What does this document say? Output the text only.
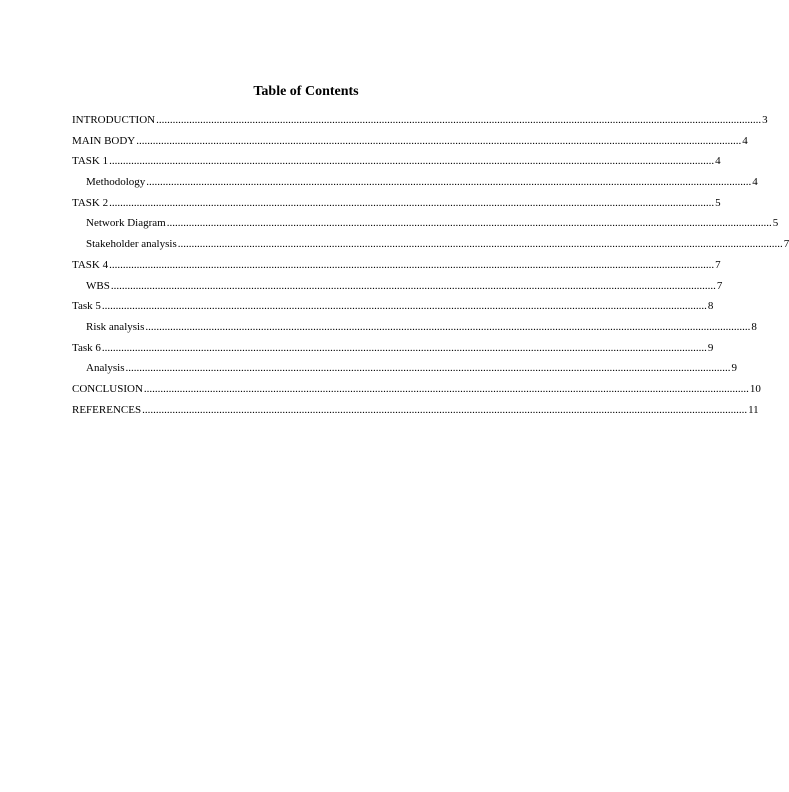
Table of Contents
INTRODUCTION ............................................................................................................................................................................................................................ 3
MAIN BODY ............................................................................................................................................................................................................................ 4
TASK 1 ............................................................................................................................................................................................................................ 4
Methodology ............................................................................................................................................................................................................................ 4
TASK 2 ............................................................................................................................................................................................................................ 5
Network Diagram ............................................................................................................................................................................................................................ 5
Stakeholder analysis ............................................................................................................................................................................................................................ 7
TASK 4 ............................................................................................................................................................................................................................ 7
WBS ............................................................................................................................................................................................................................ 7
Task 5 ............................................................................................................................................................................................................................ 8
Risk analysis ............................................................................................................................................................................................................................ 8
Task 6 ............................................................................................................................................................................................................................ 9
Analysis ............................................................................................................................................................................................................................ 9
CONCLUSION ............................................................................................................................................................................................................................ 10
REFERENCES ............................................................................................................................................................................................................................ 11
